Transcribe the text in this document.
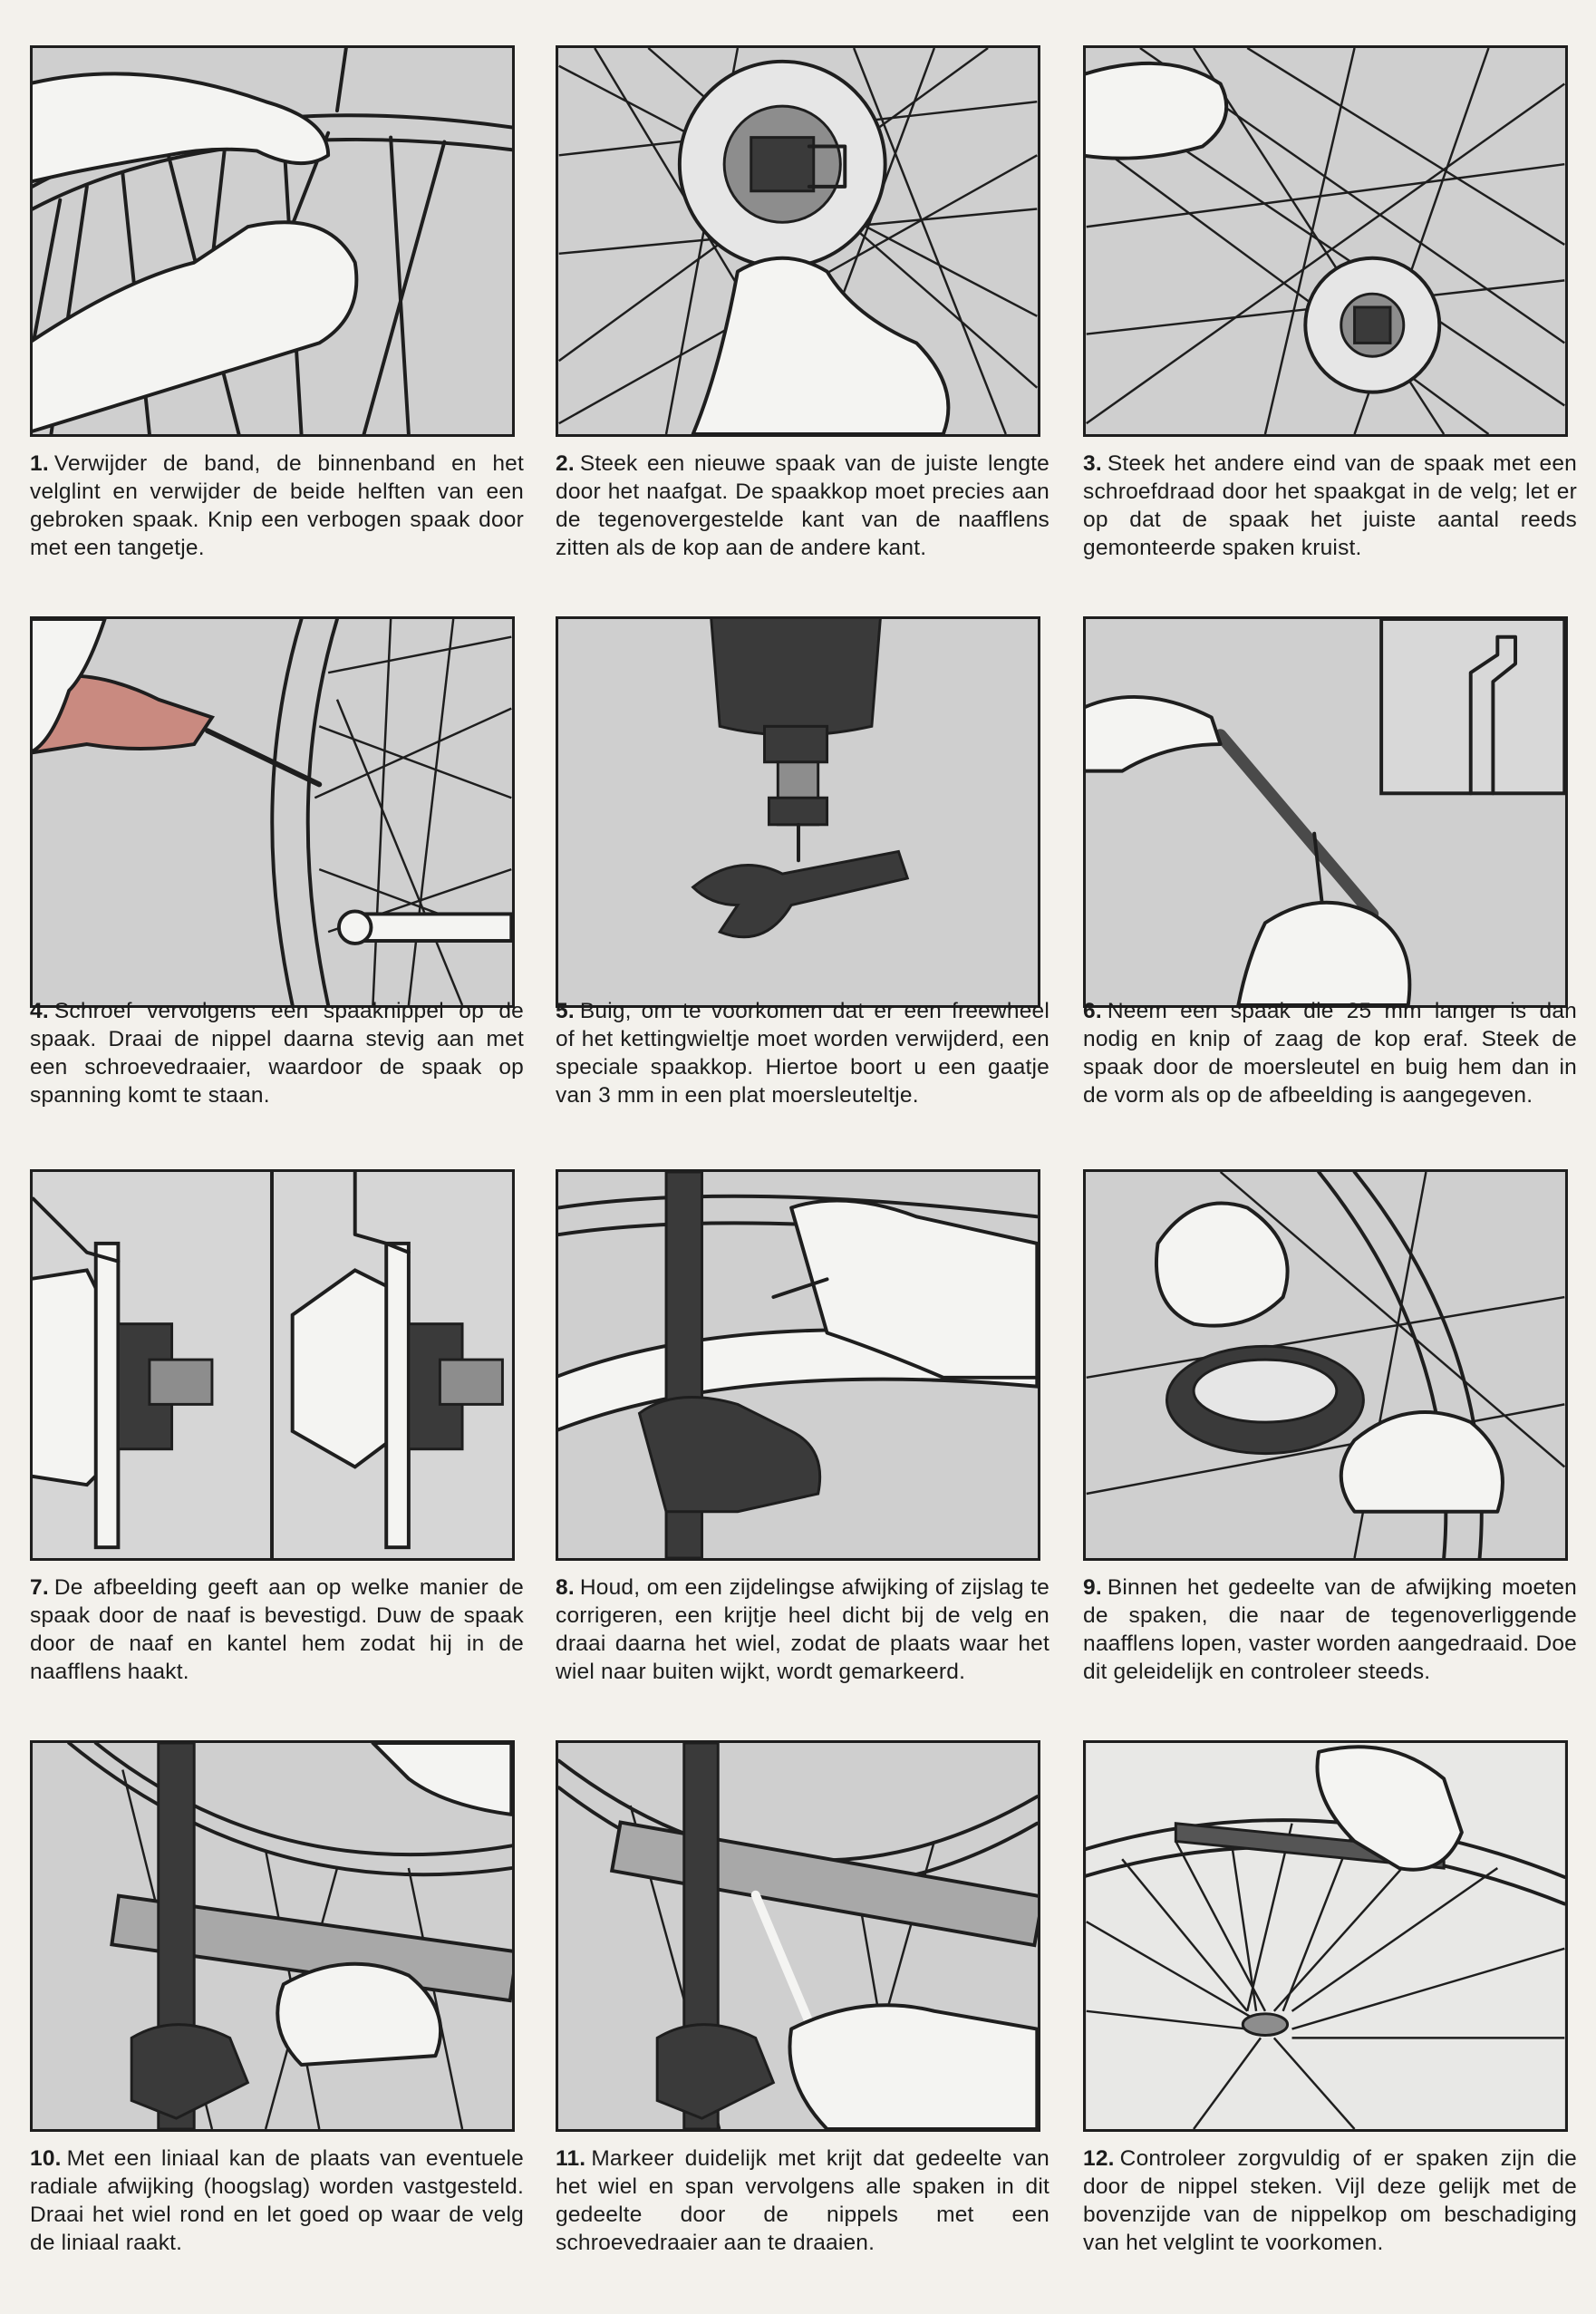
1. Verwijder de band, de binnenband en het velglint en verwijder de beide helften van een gebroken spaak. Knip een verbogen spaak door met een tangetje.
2. Steek een nieuwe spaak van de juiste lengte door het naafgat. De spaakkop moet precies aan de tegenovergestelde kant van de naafflens zitten als de kop aan de andere kant.
3. Steek het andere eind van de spaak met een schroefdraad door het spaakgat in de velg; let er op dat de spaak het juiste aantal reeds gemonteerde spaken kruist.
4. Schroef vervolgens een spaaknippel op de spaak. Draai de nippel daarna stevig aan met een schroevedraaier, waardoor de spaak op spanning komt te staan.
5. Buig, om te voorkomen dat er een freewheel of het kettingwieltje moet worden verwijderd, een speciale spaakkop. Hiertoe boort u een gaatje van 3 mm in een plat moersleuteltje.
6. Neem een spaak die 25 mm langer is dan nodig en knip of zaag de kop eraf. Steek de spaak door de moersleutel en buig hem dan in de vorm als op de afbeelding is aangegeven.
7. De afbeelding geeft aan op welke manier de spaak door de naaf is bevestigd. Duw de spaak door de naaf en kantel hem zodat hij in de naafflens haakt.
8. Houd, om een zijdelingse afwijking of zijslag te corrigeren, een krijtje heel dicht bij de velg en draai daarna het wiel, zodat de plaats waar het wiel naar buiten wijkt, wordt gemarkeerd.
9. Binnen het gedeelte van de afwijking moeten de spaken, die naar de tegenoverliggende naafflens lopen, vaster worden aangedraaid. Doe dit geleidelijk en controleer steeds.
10. Met een liniaal kan de plaats van eventuele radiale afwijking (hoogslag) worden vastgesteld. Draai het wiel rond en let goed op waar de velg de liniaal raakt.
11. Markeer duidelijk met krijt dat gedeelte van het wiel en span vervolgens alle spaken in dit gedeelte door de nippels met een schroevedraaier aan te draaien.
12. Controleer zorgvuldig of er spaken zijn die door de nippel steken. Vijl deze gelijk met de bovenzijde van de nippelkop om beschadiging van het velglint te voorkomen.
